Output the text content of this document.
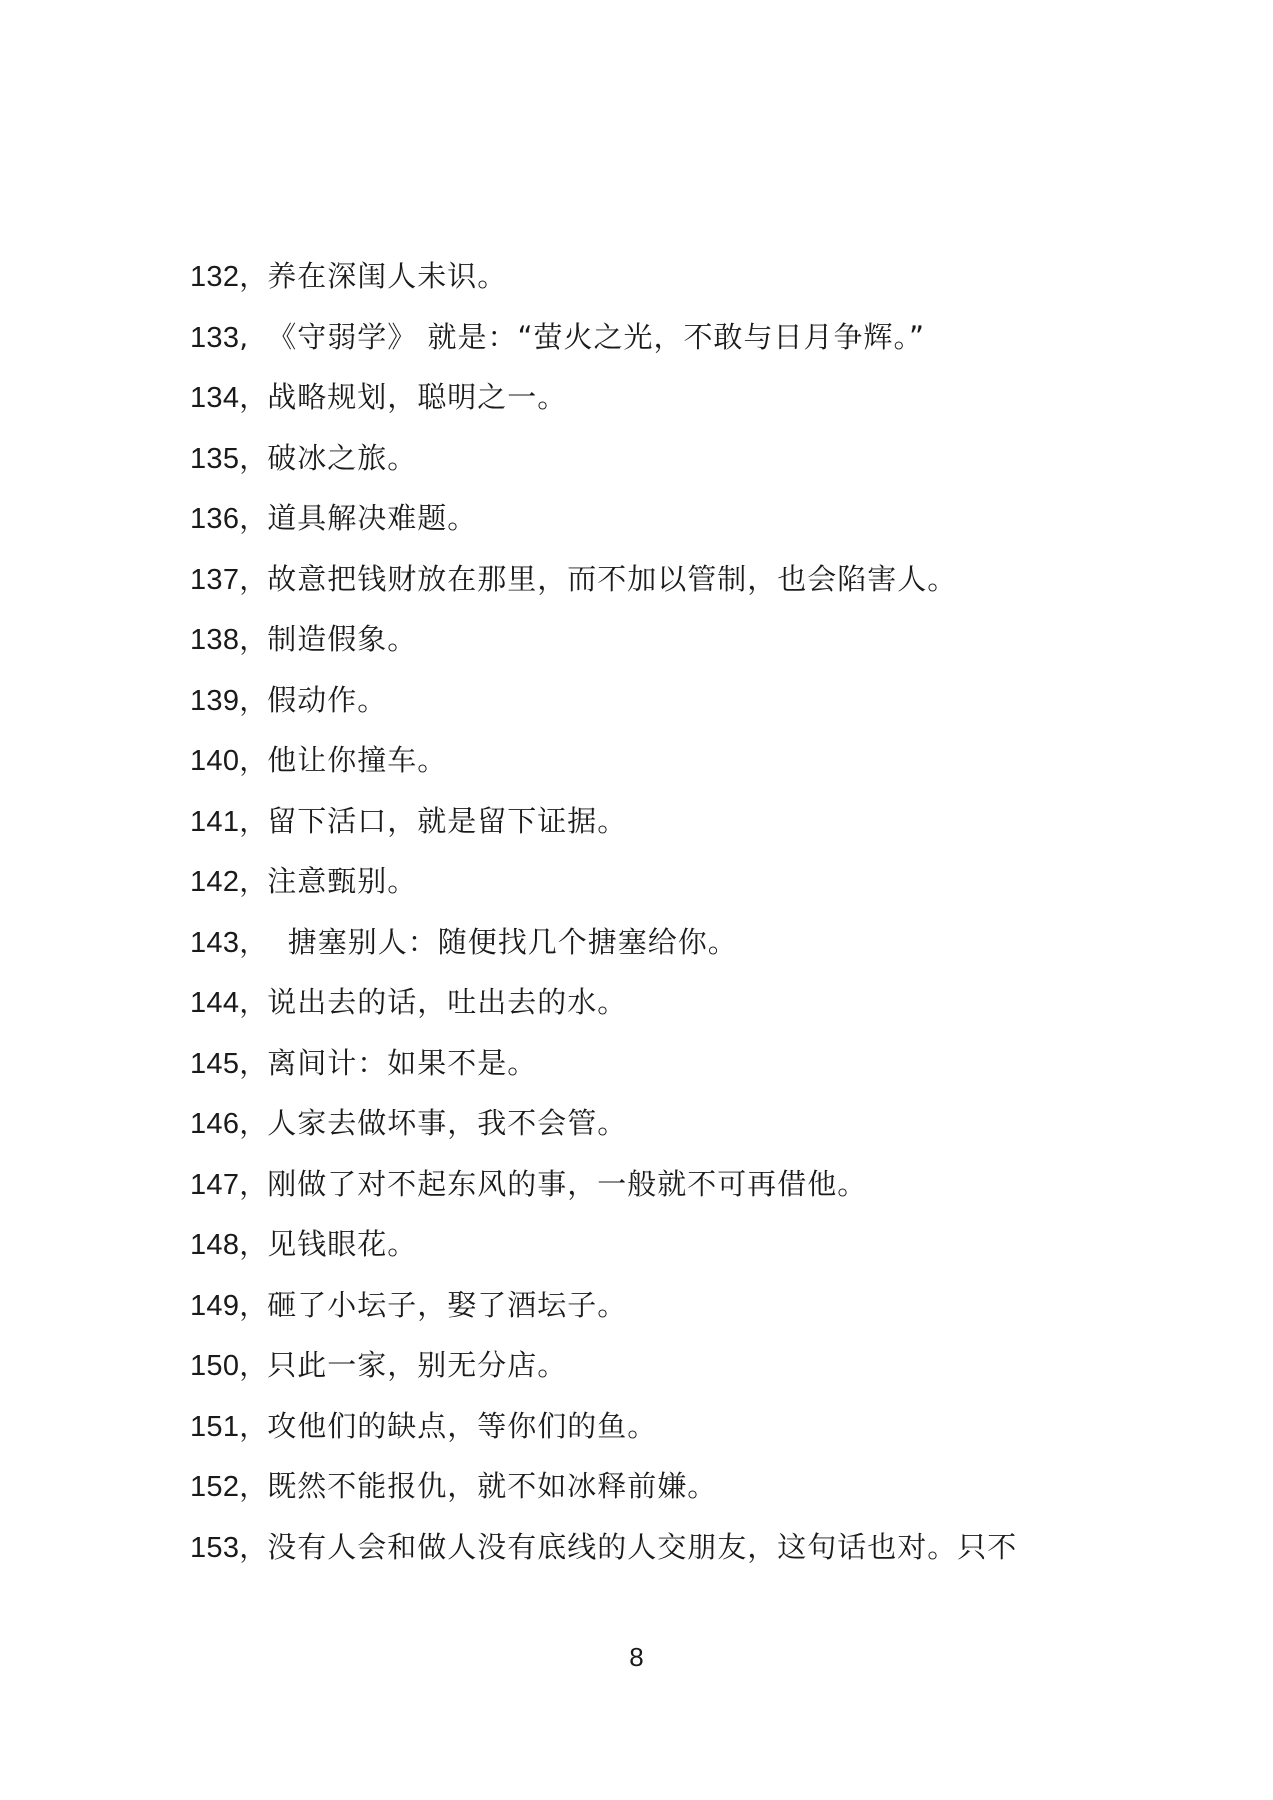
132 ， 养在深闺人未识。
133 , 《守弱学》 就是：“萤火之光，不敢与日月争辉。”
134 ， 战略规划，聪明之一。
135 ， 破冰之旅。
136 ， 道具解决难题。
137 ， 故意把钱财放在那里，而不加以管制，也会陷害人。
138 ， 制造假象。
139 ， 假动作。
140 ， 他让你撞车。
141 ， 留下活口，就是留下证据。
142 ， 注意甄别。
143 ， 搪塞别人：随便找几个搪塞给你。
144 ， 说出去的话，吐出去的水。
145 ， 离间计：如果不是。
146 ， 人家去做坏事，我不会管。
147 ， 刚做了对不起东风的事，一般就不可再借他。
148 ， 见钱眼花。
149 ， 砸了小坛子，娶了酒坛子。
150 ， 只此一家，别无分店。
151 ， 攻他们的缺点，等你们的鱼。
152 ， 既然不能报仇，就不如冰释前嫌。
153 ， 没有人会和做人没有底线的人交朋友，这句话也对。只不
8
